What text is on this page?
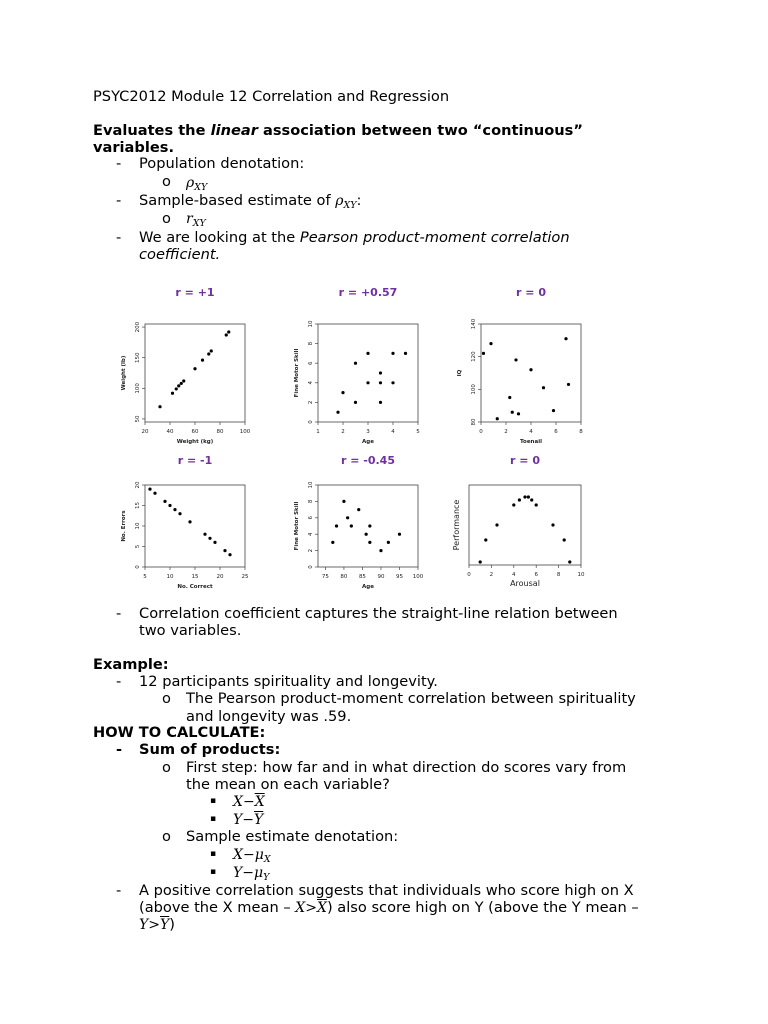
PSYC2012 Module 12 Correlation and Regression
Evaluates the linear association between two “continuous”
variables.
- Population denotation:
o $\rho_{XY}$
- Sample-based estimate of $\rho_{XY}$:
o $r_{XY}$
- We are looking at the Pearson product-moment correlation
coefficient.
r = +1
20	40	60	80	100
50
100
150
200
Weight (kg)
Weight (lb)
r = +0.57
1	2	3	4	5
0
2
4
6
8
10
Age
Fine Motor Skill
r = 0
0	2	4	6	8
80
100
120
140
Toenail
IQ
r = -1
5	10	15	20	25
0
5
10
15
20
No. Correct
No. Errors
r = -0.45
75 80 85 90 95 100
0
2
4
6
8
10
Age
Fine Motor Skill
r = 0
0	2	4	6	8	10
Arousal
Performance
- Correlation coefficient captures the straight-line relation between
two variables.
Example:
- 12 participants spirituality and longevity.
o The Pearson product-moment correlation between spirituality
and longevity was .59.
HOW TO CALCULATE:
- Sum of products:
o First step: how far and in what direction do scores vary from
the mean on each variable?
▪ $X-\overline{X}$
▪ $Y-\overline{Y}$
o Sample estimate denotation:
▪ $X-\mu_X$
▪ $Y-\mu_Y$
- A positive correlation suggests that individuals who score high on X
(above the X mean – $X>\overline{X}$) also score high on Y (above the Y mean –
$Y>\overline{Y}$)
